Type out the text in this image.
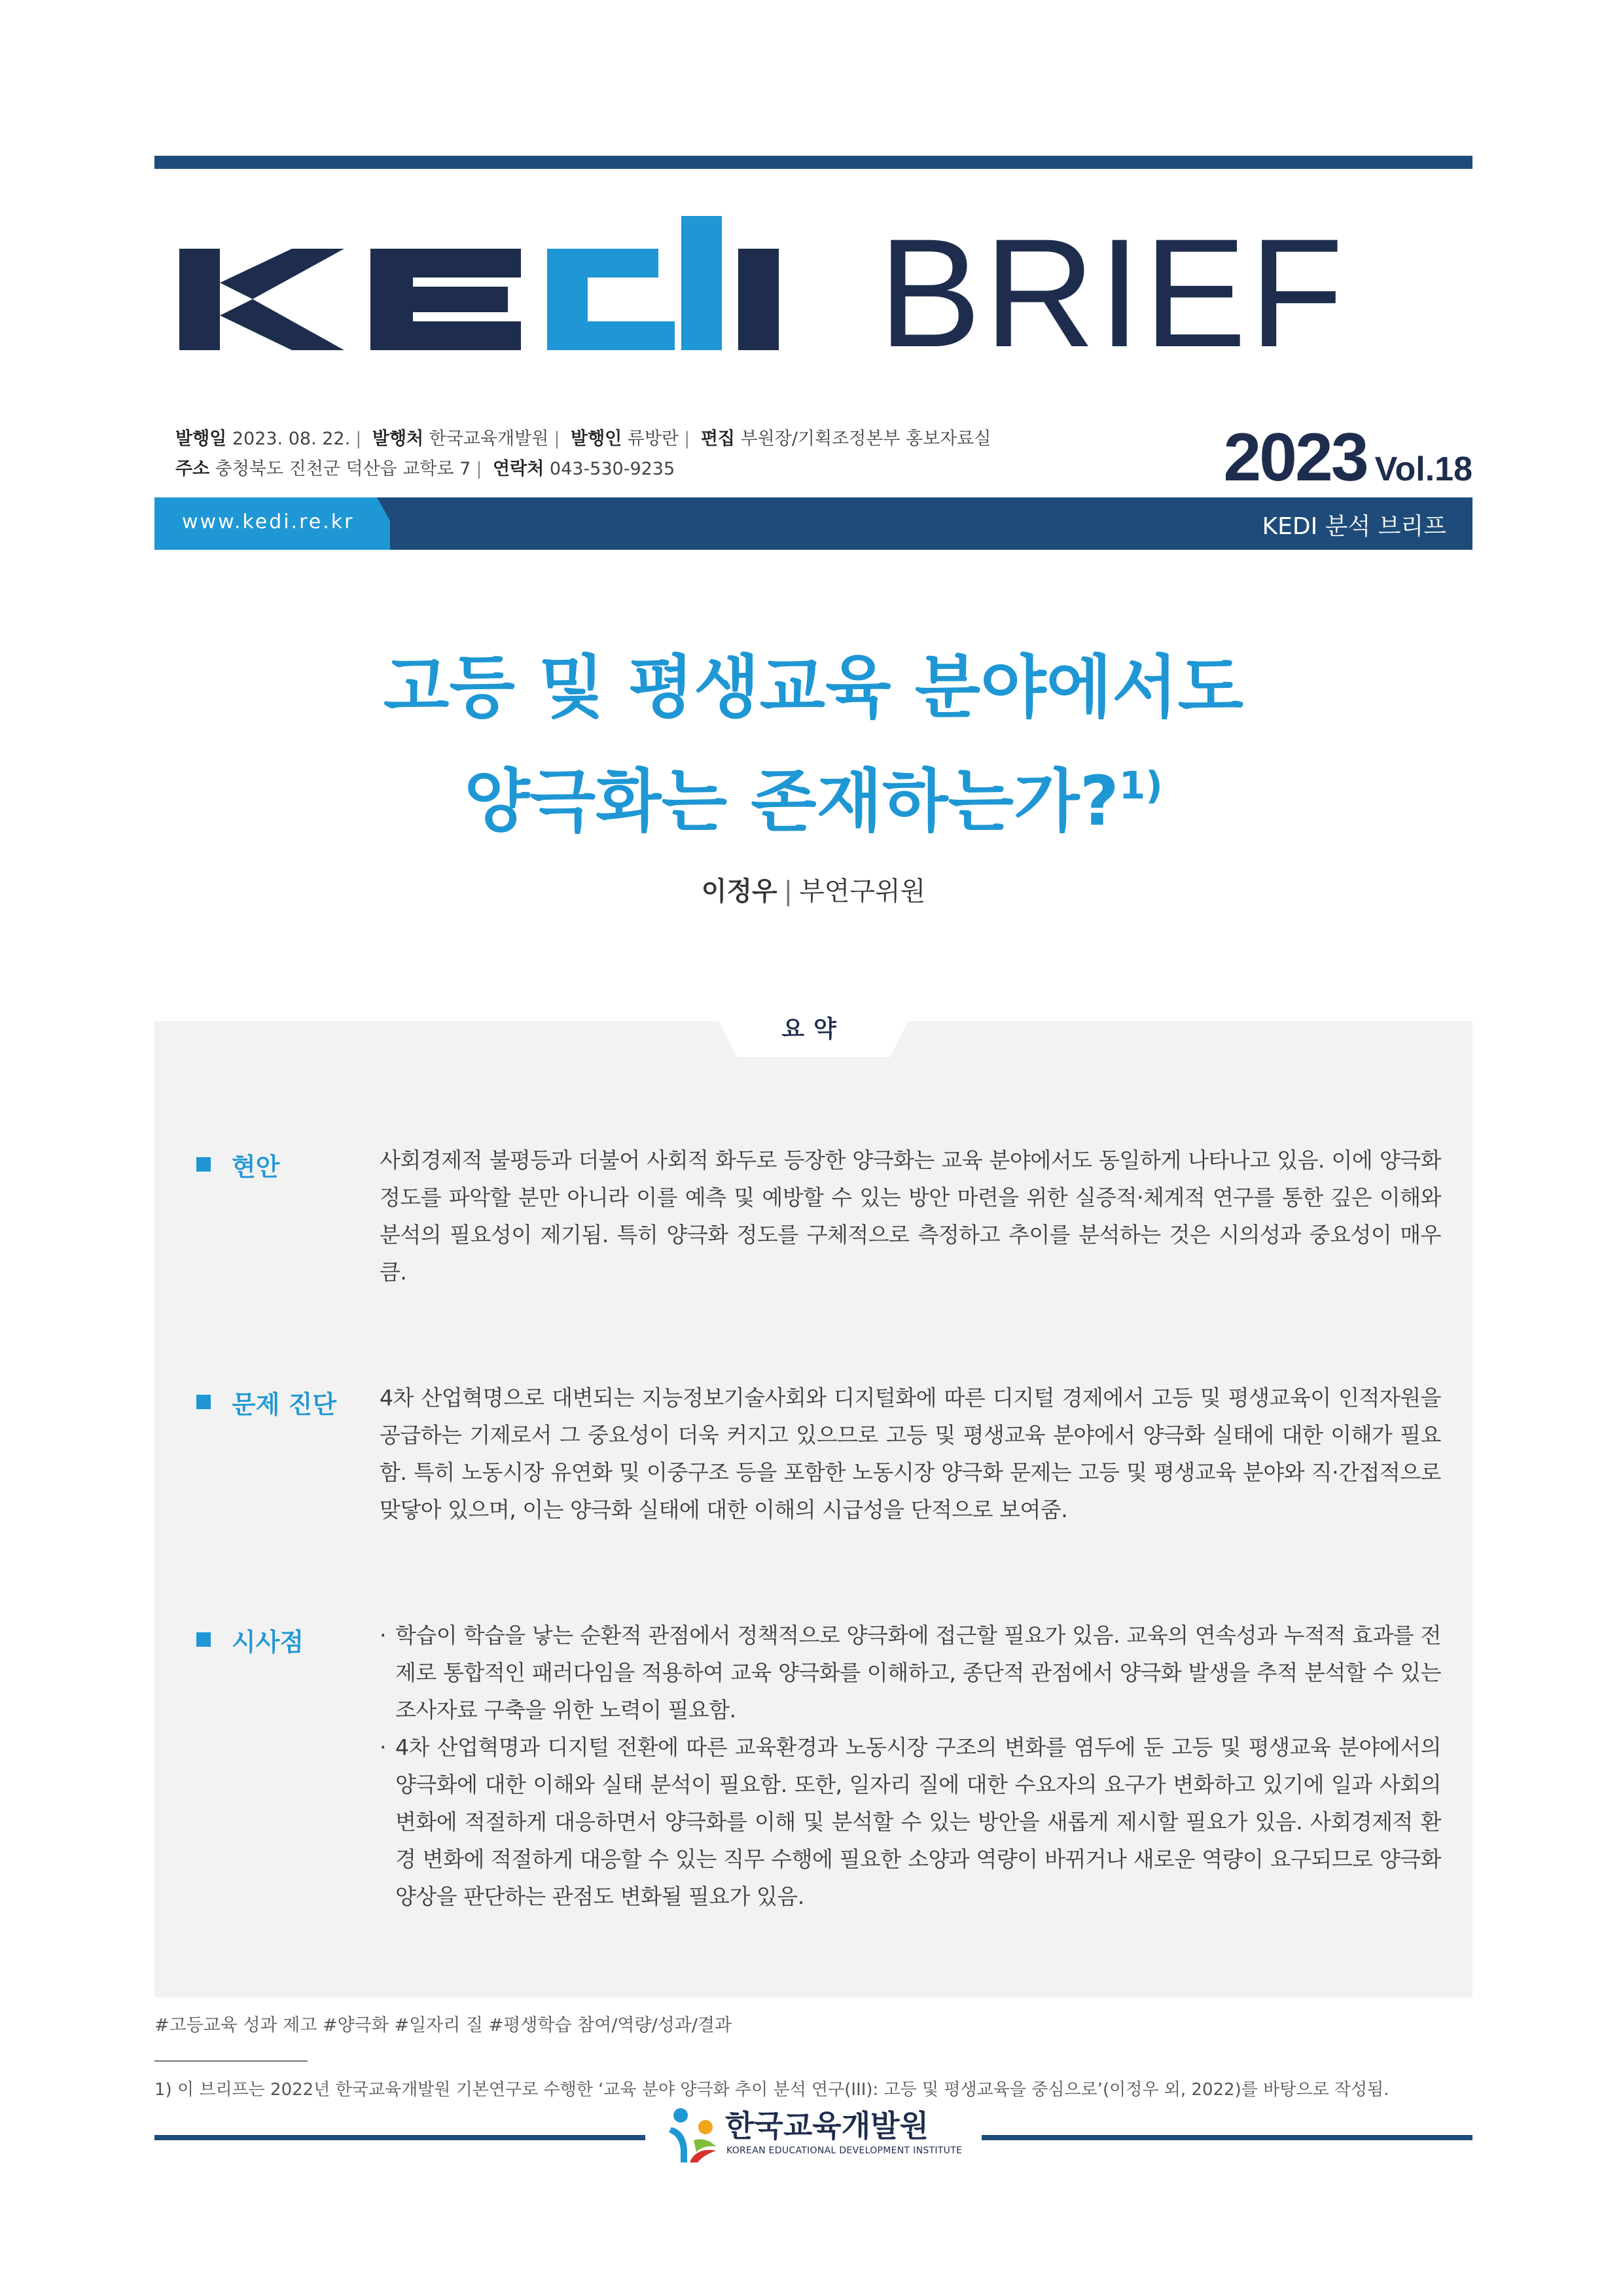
BRIEF
발행일 2023. 08. 22. | 발행처 한국교육개발원 | 발행인 류방란 | 편집 부원장/기획조정본부 홍보자료실
주소 충청북도 진천군 덕산읍 교학로 7 | 연락처 043-530-9235	2023 Vol.18
www.kedi.re.kr	KEDI 분석 브리프
고등 및 평생교육 분야에서도
양극화는 존재하는가?$^{1)}$
이정우 | 부연구위원
요약
현안	사회경제적 불평등과 더불어 사회적 화두로 등장한 양극화는 교육 분야에서도 동일하게 나타나고 있음. 이에 양극화 정도를 파악할 분만 아니라 이를 예측 및 예방할 수 있는 방안 마련을 위한 실증적·체계적 연구를 통한 깊은 이해와 분석의 필요성이 제기됨. 특히 양극화 정도를 구체적으로 측정하고 추이를 분석하는 것은 시의성과 중요성이 매우 큼.

문제 진단 4차 산업혁명으로 대변되는 지능정보기술사회와 디지털화에 따른 디지털 경제에서 고등 및 평생교육이 인적자원을 공급하는 기제로서 그 중요성이 더욱 커지고 있으므로 고등 및 평생교육 분야에서 양극화 실태에 대한 이해가 필요함. 특히 노동시장 유연화 및 이중구조 등을 포함한 노동시장 양극화 문제는 고등 및 평생교육 분야와 직·간접적으로 맞닿아 있으며, 이는 양극화 실태에 대한 이해의 시급성을 단적으로 보여줌.

시사점

·	학습이 학습을 낳는 순환적 관점에서 정책적으로 양극화에 접근할 필요가 있음. 교육의 연속성과 누적적 효과를 전제로 통합적인 패러다임을 적용하여 교육 양극화를 이해하고, 종단적 관점에서 양극화 발생을 추적 분석할 수 있는 조사자료 구축을 위한 노력이 필요함.

· 4차 산업혁명과 디지털 전환에 따른 교육환경과 노동시장 구조의 변화를 염두에 둔 고등 및 평생교육 분야에서의 양극화에 대한 이해와 실태 분석이 필요함. 또한, 일자리 질에 대한 수요자의 요구가 변화하고 있기에 일과 사회의 변화에 적절하게 대응하면서 양극화를 이해 및 분석할 수 있는 방안을 새롭게 제시할 필요가 있음. 사회경제적 환경 변화에 적절하게 대응할 수 있는 직무 수행에 필요한 소양과 역량이 바뀌거나 새로운 역량이 요구되므로 양극화 양상을 판단하는 관점도 변화될 필요가 있음.

#고등교육 성과 제고 #양극화 #일자리 질 #평생학습 참여/역량/성과/결과
1) 이 브리프는 2022년 한국교육개발원 기본연구로 수행한 ‘교육 분야 양극화 추이 분석 연구(III): 고등 및 평생교육을 중심으로’(이정우 외, 2022)를 바탕으로 작성됨.
한국교육개발원
KOREAN EDUCATIONAL DEVELOPMENT INSTITUTE
